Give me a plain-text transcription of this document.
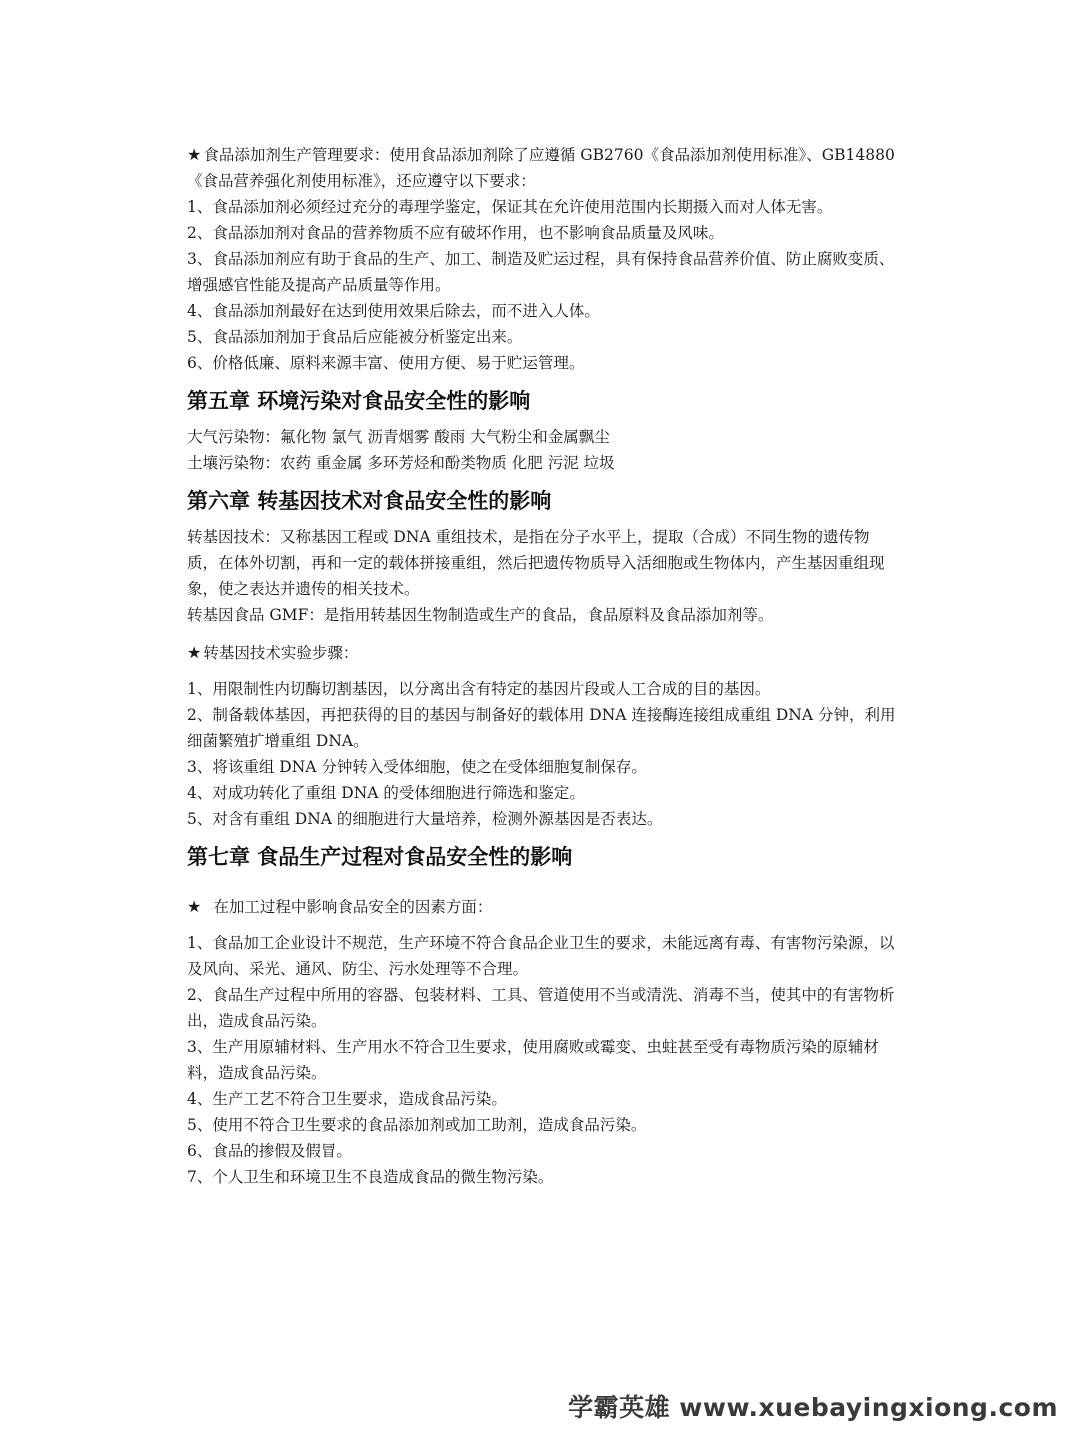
★ 食品添加剂生产管理要求：使用食品添加剂除了应遵循 GB2760《食品添加剂使用标准》、GB14880《食品营养强化剂使用标准》，还应遵守以下要求：

1、食品添加剂必须经过充分的毒理学鉴定，保证其在允许使用范围内长期摄入而对人体无害。

2、食品添加剂对食品的营养物质不应有破坏作用，也不影响食品质量及风味。

3、食品添加剂应有助于食品的生产、加工、制造及贮运过程，具有保持食品营养价值、防止腐败变质、增强感官性能及提高产品质量等作用。

4、食品添加剂最好在达到使用效果后除去，而不进入人体。

5、食品添加剂加于食品后应能被分析鉴定出来。

6、价格低廉、原料来源丰富、使用方便、易于贮运管理。

第五章 环境污染对食品安全性的影响

大气污染物：氟化物 氯气 沥青烟雾 酸雨 大气粉尘和金属飘尘

土壤污染物：农药 重金属 多环芳烃和酚类物质 化肥 污泥 垃圾

第六章 转基因技术对食品安全性的影响

转基因技术：又称基因工程或 DNA 重组技术，是指在分子水平上，提取（合成）不同生物的遗传物质，在体外切割，再和一定的载体拼接重组，然后把遗传物质导入活细胞或生物体内，产生基因重组现象，使之表达并遗传的相关技术。

转基因食品 GMF：是指用转基因生物制造或生产的食品，食品原料及食品添加剂等。

★ 转基因技术实验步骤：

1、用限制性内切酶切割基因，以分离出含有特定的基因片段或人工合成的目的基因。

2、制备载体基因，再把获得的目的基因与制备好的载体用 DNA 连接酶连接组成重组 DNA 分钟，利用细菌繁殖扩增重组 DNA。

3、将该重组 DNA 分钟转入受体细胞，使之在受体细胞复制保存。

4、对成功转化了重组 DNA 的受体细胞进行筛选和鉴定。

5、对含有重组 DNA 的细胞进行大量培养，检测外源基因是否表达。

第七章 食品生产过程对食品安全性的影响

★ 在加工过程中影响食品安全的因素方面：

1、食品加工企业设计不规范，生产环境不符合食品企业卫生的要求，未能远离有毒、有害物污染源，以及风向、采光、通风、防尘、污水处理等不合理。

2、食品生产过程中所用的容器、包装材料、工具、管道使用不当或清洗、消毒不当，使其中的有害物析出，造成食品污染。

3、生产用原辅材料、生产用水不符合卫生要求，使用腐败或霉变、虫蛀甚至受有毒物质污染的原辅材料，造成食品污染。

4、生产工艺不符合卫生要求，造成食品污染。

5、使用不符合卫生要求的食品添加剂或加工助剂，造成食品污染。

6、食品的掺假及假冒。

7、个人卫生和环境卫生不良造成食品的微生物污染。

学霸英雄 www.xuebayingxiong.com
